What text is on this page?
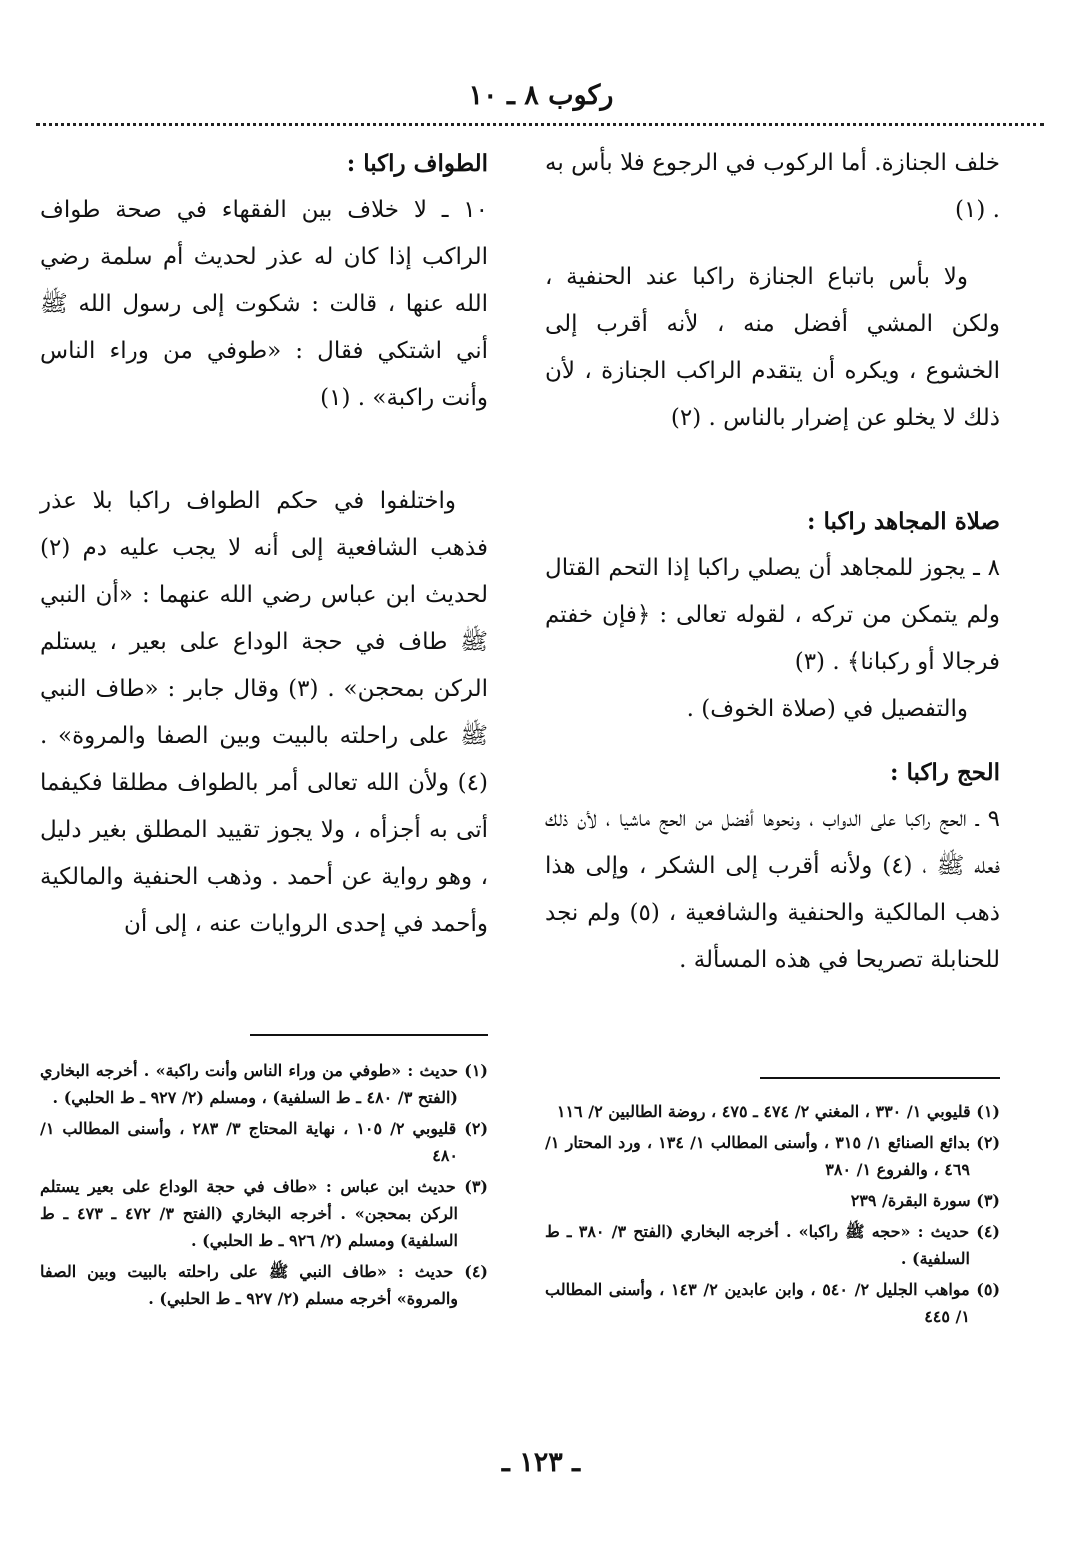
ركوب ٨ ـ ١٠

خلف الجنازة. أما الركوب في الرجوع فلا بأس به . (١)

ولا بأس باتباع الجنازة راكبا عند الحنفية ، ولكن المشي أفضل منه ، لأنه أقرب إلى الخشوع ، ويكره أن يتقدم الراكب الجنازة ، لأن ذلك لا يخلو عن إضرار بالناس . (٢)

صلاة المجاهد راكبا :

٨ ـ يجوز للمجاهد أن يصلي راكبا إذا التحم القتال ولم يتمكن من تركه ، لقوله تعالى : ﴿فإن خفتم فرجالا أو ركبانا﴾ . (٣)

والتفصيل في (صلاة الخوف) .

الحج راكبا :

٩ ـ الحج راكبا على الدواب ، ونحوها أفضل من الحج ماشيا ، لأن ذلك فعله ﷺ ، (٤) ولأنه أقرب إلى الشكر ، وإلى هذا ذهب المالكية والحنفية والشافعية ، (٥) ولم نجد للحنابلة تصريحا في هذه المسألة .

الطواف راكبا :

١٠ ـ لا خلاف بين الفقهاء في صحة طواف الراكب إذا كان له عذر لحديث أم سلمة رضي الله عنها ، قالت : شكوت إلى رسول الله ﷺ أني اشتكي فقال : «طوفي من وراء الناس وأنت راكبة» . (١)

واختلفوا في حكم الطواف راكبا بلا عذر فذهب الشافعية إلى أنه لا يجب عليه دم (٢) لحديث ابن عباس رضي الله عنهما : «أن النبي ﷺ طاف في حجة الوداع على بعير ، يستلم الركن بمحجن» . (٣) وقال جابر : «طاف النبي ﷺ على راحلته بالبيت وبين الصفا والمروة» . (٤) ولأن الله تعالى أمر بالطواف مطلقا فكيفما أتى به أجزأه ، ولا يجوز تقييد المطلق بغير دليل ، وهو رواية عن أحمد . وذهب الحنفية والمالكية وأحمد في إحدى الروايات عنه ، إلى أن

(١) قليوبي ١/ ٣٣٠ ، المغني ٢/ ٤٧٤ ـ ٤٧٥ ، روضة الطالبين ٢/ ١١٦

(٢) بدائع الصنائع ١/ ٣١٥ ، وأسنى المطالب ١/ ١٣٤ ، ورد المحتار ١/ ٤٦٩ ، والفروع ١/ ٣٨٠

(٣) سورة البقرة/ ٢٣٩

(٤) حديث : «حجه ﷺ راكبا» . أخرجه البخاري (الفتح ٣/ ٣٨٠ ـ ط السلفية) .

(٥) مواهب الجليل ٢/ ٥٤٠ ، وابن عابدين ٢/ ١٤٣ ، وأسنى المطالب ١/ ٤٤٥

(١) حديث : «طوفي من وراء الناس وأنت راكبة» . أخرجه البخاري (الفتح ٣/ ٤٨٠ ـ ط السلفية) ، ومسلم (٢/ ٩٢٧ ـ ط الحلبي) .

(٢) قليوبي ٢/ ١٠٥ ، نهاية المحتاج ٣/ ٢٨٣ ، وأسنى المطالب ١/ ٤٨٠

(٣) حديث ابن عباس : «طاف في حجة الوداع على بعير يستلم الركن بمحجن» . أخرجه البخاري (الفتح ٣/ ٤٧٢ ـ ٤٧٣ ـ ط السلفية) ومسلم (٢/ ٩٢٦ ـ ط الحلبي) .

(٤) حديث : «طاف النبي ﷺ على راحلته بالبيت وبين الصفا والمروة» أخرجه مسلم (٢/ ٩٢٧ ـ ط الحلبي) .

ـ ١٢٣ ـ
